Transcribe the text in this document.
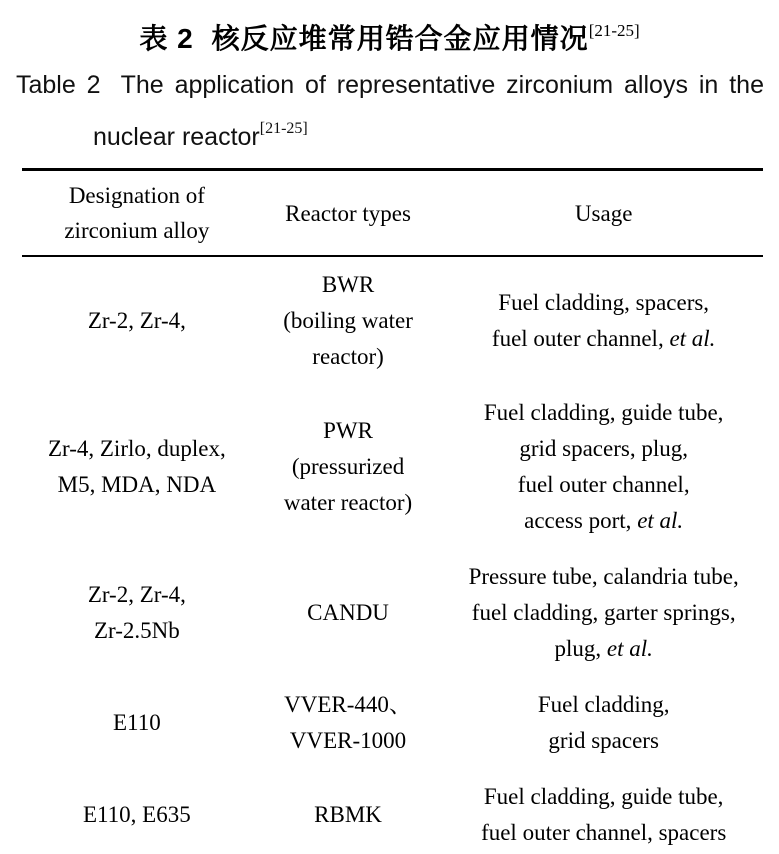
表 2 核反应堆常用锆合金应用情况[21-25]
Table 2 The application of representative zirconium alloys in the
nuclear reactor[21-25]
Designation of
zirconium alloy
Reactor types	Usage
Zr-2, Zr-4,
BWR
(boiling water
reactor)
Fuel cladding, spacers,
fuel outer channel, et al.
Zr-4, Zirlo, duplex,
M5, MDA, NDA
PWR
(pressurized
water reactor)
Fuel cladding, guide tube,
grid spacers, plug,
fuel outer channel,
access port, et al.
Zr-2, Zr-4,
Zr-2.5Nb
CANDU
Pressure tube, calandria tube,
fuel cladding, garter springs,
plug, et al.
E110
VVER-440、
VVER-1000
Fuel cladding,
grid spacers
E110, E635	RBMK
Fuel cladding, guide tube,
fuel outer channel, spacers
